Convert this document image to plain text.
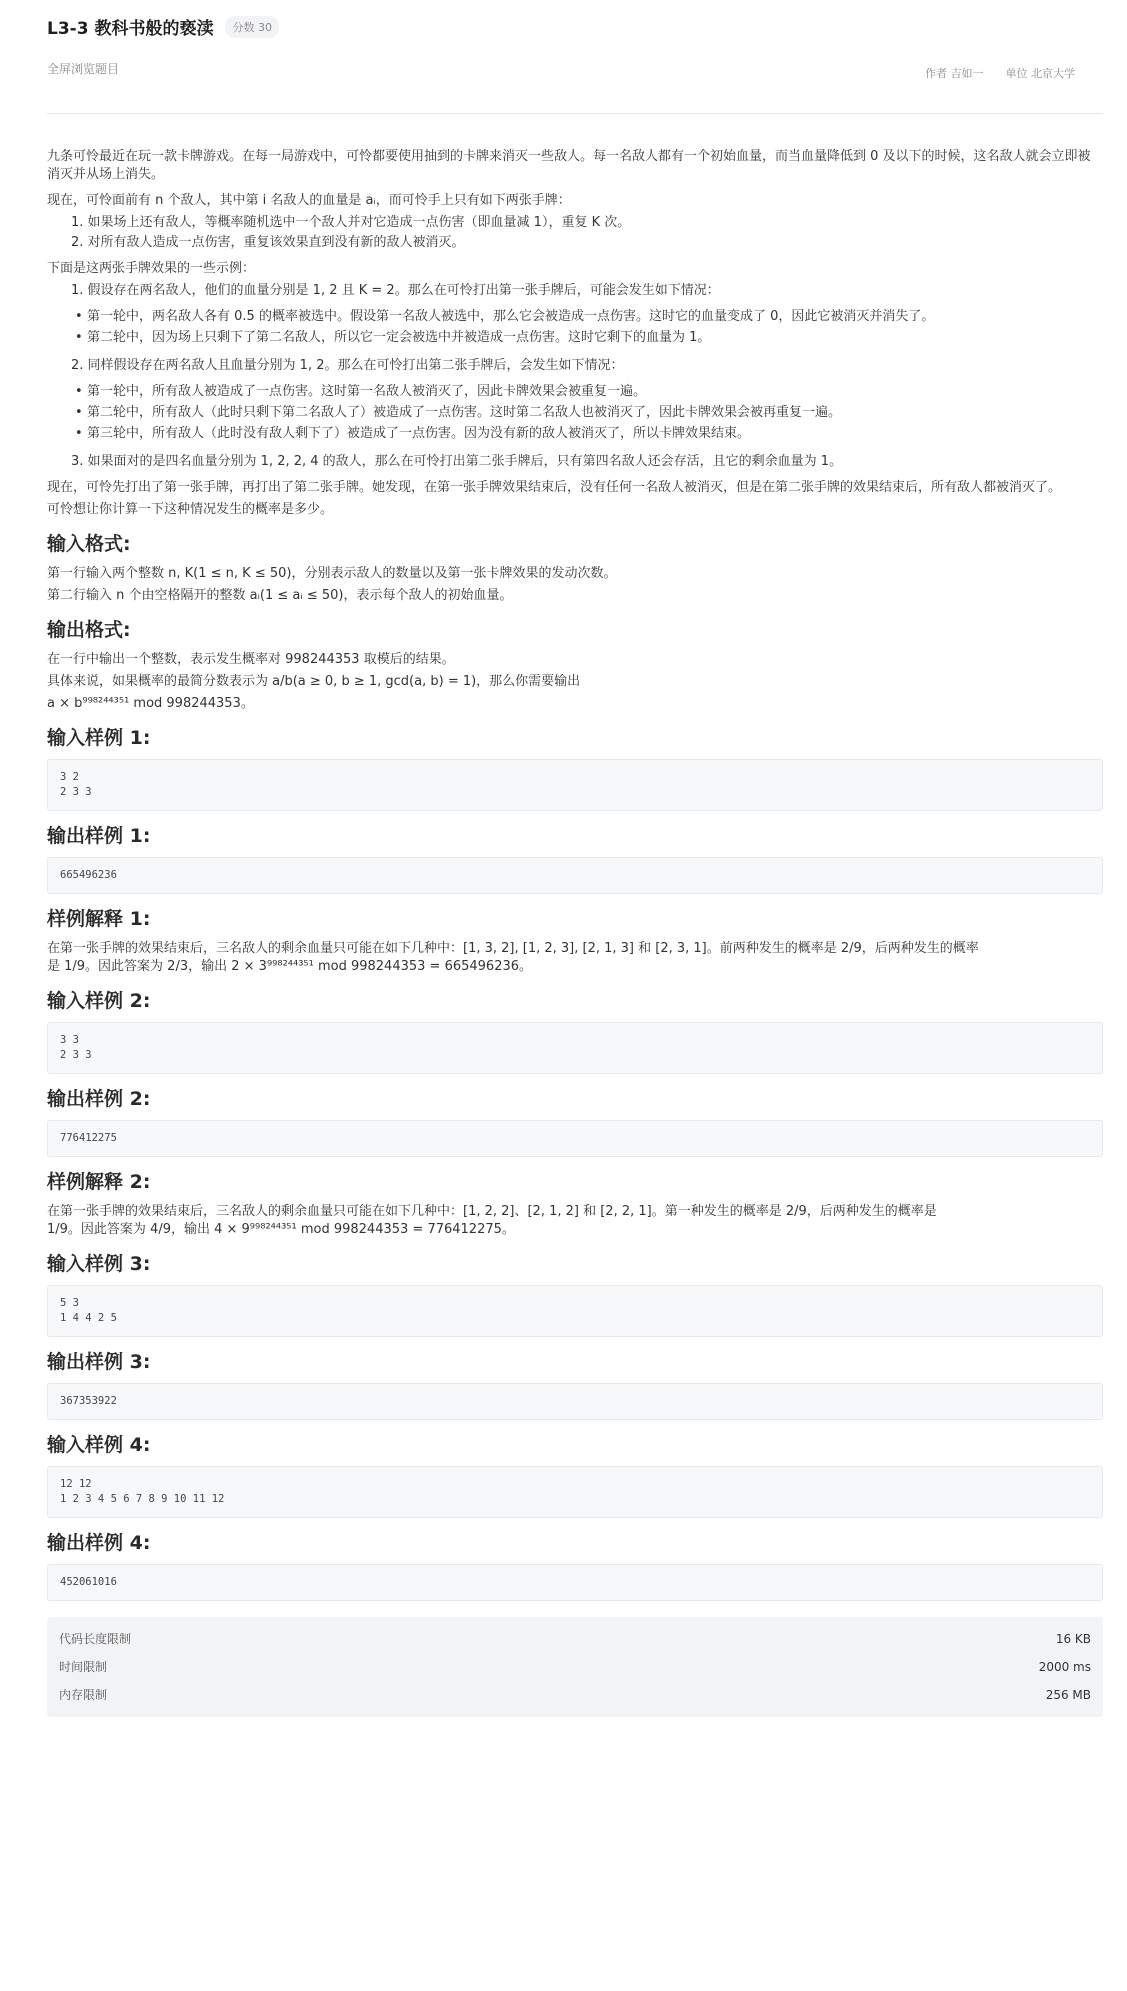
L3-3 教科书般的亵渎	分数 30
全屏浏览题目	作者 吉如一 单位 北京大学

九条可怜最近在玩一款卡牌游戏。在每一局游戏中，可怜都要使用抽到的卡牌来消灭一些敌人。每一名敌人都有一个初始血量，而当血量降低到 0 及以下的时候，这名敌人就会立即被消灭并从场上消失。

现在，可怜面前有 n 个敌人，其中第 i 名敌人的血量是 aᵢ，而可怜手上只有如下两张手牌：

1. 如果场上还有敌人，等概率随机选中一个敌人并对它造成一点伤害（即血量减 1），重复 K 次。
2. 对所有敌人造成一点伤害，重复该效果直到没有新的敌人被消灭。

下面是这两张手牌效果的一些示例：

1. 假设存在两名敌人，他们的血量分别是 1, 2 且 K = 2。那么在可怜打出第一张手牌后，可能会发生如下情况：
• 第一轮中，两名敌人各有 0.5 的概率被选中。假设第一名敌人被选中，那么它会被造成一点伤害。这时它的血量变成了 0，因此它被消灭并消失了。
• 第二轮中，因为场上只剩下了第二名敌人，所以它一定会被选中并被造成一点伤害。这时它剩下的血量为 1。
2. 同样假设存在两名敌人且血量分别为 1, 2。那么在可怜打出第二张手牌后，会发生如下情况：
• 第一轮中，所有敌人被造成了一点伤害。这时第一名敌人被消灭了，因此卡牌效果会被重复一遍。
• 第二轮中，所有敌人（此时只剩下第二名敌人了）被造成了一点伤害。这时第二名敌人也被消灭了，因此卡牌效果会被再重复一遍。
• 第三轮中，所有敌人（此时没有敌人剩下了）被造成了一点伤害。因为没有新的敌人被消灭了，所以卡牌效果结束。
3. 如果面对的是四名血量分别为 1, 2, 2, 4 的敌人，那么在可怜打出第二张手牌后，只有第四名敌人还会存活，且它的剩余血量为 1。

现在，可怜先打出了第一张手牌，再打出了第二张手牌。她发现，在第一张手牌效果结束后，没有任何一名敌人被消灭，但是在第二张手牌的效果结束后，所有敌人都被消灭了。

可怜想让你计算一下这种情况发生的概率是多少。

输入格式:

第一行输入两个整数 n, K(1 ≤ n, K ≤ 50)，分别表示敌人的数量以及第一张卡牌效果的发动次数。

第二行输入 n 个由空格隔开的整数 aᵢ(1 ≤ aᵢ ≤ 50)，表示每个敌人的初始血量。

输出格式:

在一行中输出一个整数，表示发生概率对 998244353 取模后的结果。

具体来说，如果概率的最简分数表示为 a/b(a ≥ 0, b ≥ 1, gcd(a, b) = 1)，那么你需要输出

a × b⁹⁹⁸²⁴⁴³⁵¹ mod 998244353。

输入样例 1:
3 2
2 3 3
输出样例 1:
665496236
样例解释 1:

在第一张手牌的效果结束后，三名敌人的剩余血量只可能在如下几种中：[1, 3, 2], [1, 2, 3], [2, 1, 3] 和 [2, 3, 1]。前两种发生的概率是 2/9，后两种发生的概率
是 1/9。因此答案为 2/3，输出 2 × 3⁹⁹⁸²⁴⁴³⁵¹ mod 998244353 = 665496236。

输入样例 2:
3 3
2 3 3
输出样例 2:
776412275
样例解释 2:

在第一张手牌的效果结束后，三名敌人的剩余血量只可能在如下几种中：[1, 2, 2]、[2, 1, 2] 和 [2, 2, 1]。第一种发生的概率是 2/9，后两种发生的概率是
1/9。因此答案为 4/9，输出 4 × 9⁹⁹⁸²⁴⁴³⁵¹ mod 998244353 = 776412275。

输入样例 3:
5 3
1 4 4 2 5
输出样例 3:
367353922
输入样例 4:
12 12
1 2 3 4 5 6 7 8 9 10 11 12
输出样例 4:
452061016
代码长度限制	16 KB
时间限制	2000 ms
内存限制	256 MB
